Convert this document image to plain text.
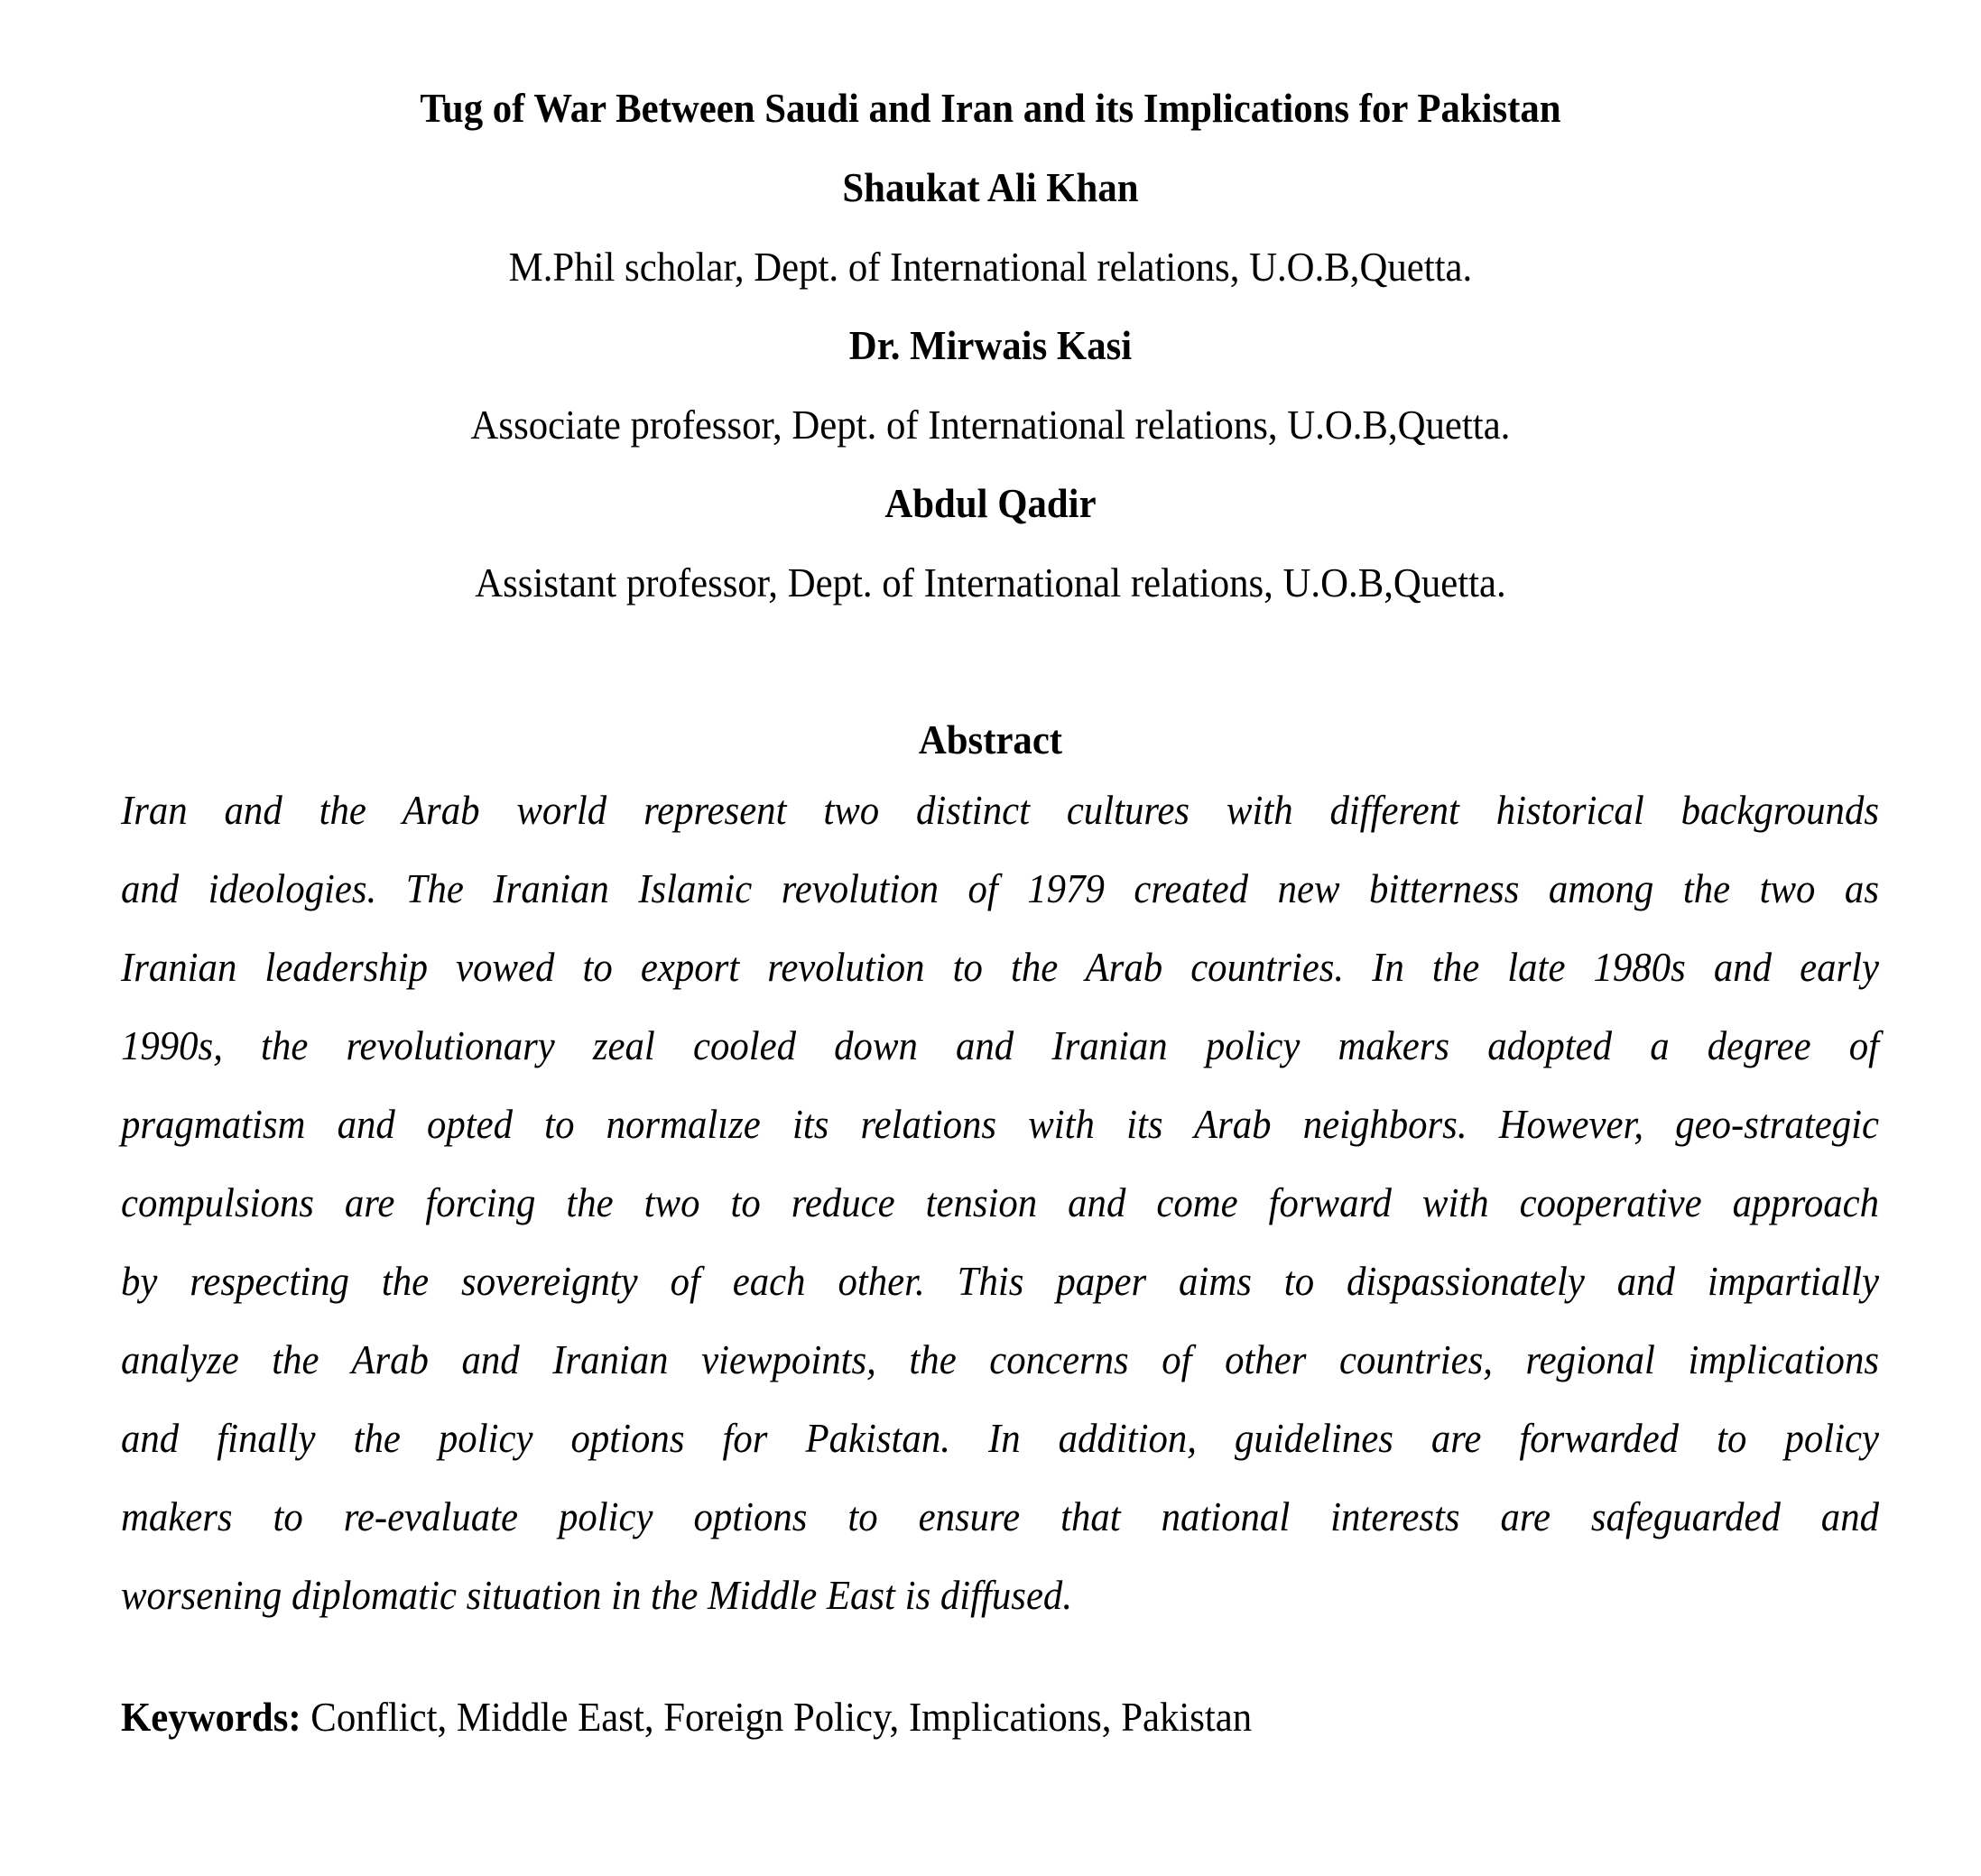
Tug of War Between Saudi and Iran and its Implications for Pakistan
Shaukat Ali Khan
M.Phil scholar, Dept. of International relations, U.O.B,Quetta.
Dr. Mirwais Kasi
Associate professor, Dept. of International relations, U.O.B,Quetta.
Abdul Qadir
Assistant professor, Dept. of International relations, U.O.B,Quetta.
Abstract
Iran and the Arab world represent two distinct cultures with different historical backgrounds
and ideologies. The Iranian Islamic revolution of 1979 created new bitterness among the two as
Iranian leadership vowed to export revolution to the Arab countries. In the late 1980s and early
1990s, the revolutionary zeal cooled down and Iranian policy makers adopted a degree of
pragmatism and opted to normalıze its relations with its Arab neighbors. However, geo-strategic
compulsions are forcing the two to reduce tension and come forward with cooperative approach
by respecting the sovereignty of each other. This paper aims to dispassionately and impartially
analyze the Arab and Iranian viewpoints, the concerns of other countries, regional implications
and finally the policy options for Pakistan. In addition, guidelines are forwarded to policy
makers to re-evaluate policy options to ensure that national interests are safeguarded and
worsening diplomatic situation in the Middle East is diffused.
Keywords: Conflict, Middle East, Foreign Policy, Implications, Pakistan
